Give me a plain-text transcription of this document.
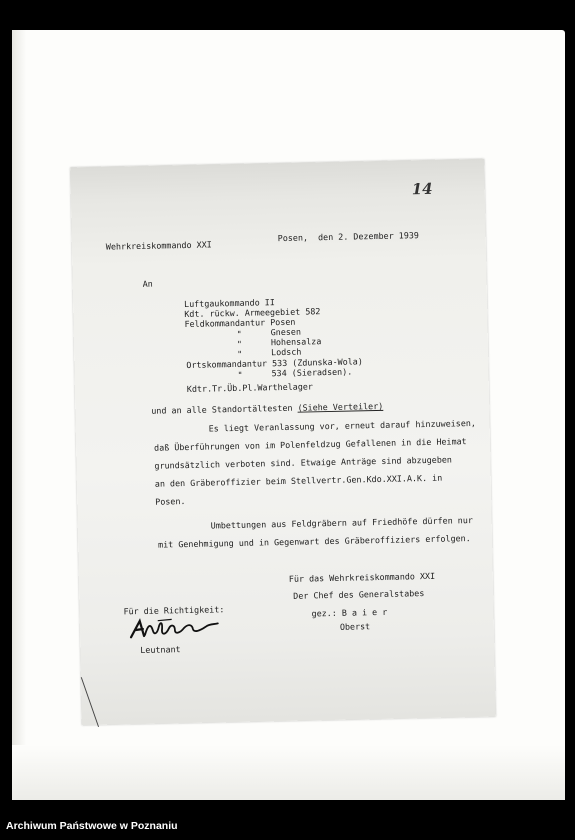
14
Wehrkreiskommando XXI
Posen,  den 2. Dezember 1939
An
Luftgaukommando II
Kdt. rückw. Armeegebiet 582
Feldkommandantur Posen
"	Gnesen
"	Hohensalza
"	Lodsch
Ortskommandantur 533 (Zdunska-Wola)
"	534 (Sieradsen).
Kdtr.Tr.Üb.Pl.Warthelager
und an alle Standortältesten (Siehe Verteiler)
Es liegt Veranlassung vor, erneut darauf hinzuweisen,
daß Überführungen von im Polenfeldzug Gefallenen in die Heimat
grundsätzlich verboten sind. Etwaige Anträge sind abzugeben
an den Gräberoffizier beim Stellvertr.Gen.Kdo.XXI.A.K. in
Posen.
Umbettungen aus Feldgräbern auf Friedhöfe dürfen nur
mit Genehmigung und in Gegenwart des Gräberoffiziers erfolgen.
Für das Wehrkreiskommando XXI
Der Chef des Generalstabes
gez.: B a i e r
Oberst
Für die Richtigkeit:
Leutnant
Archiwum Państwowe w Poznaniu
